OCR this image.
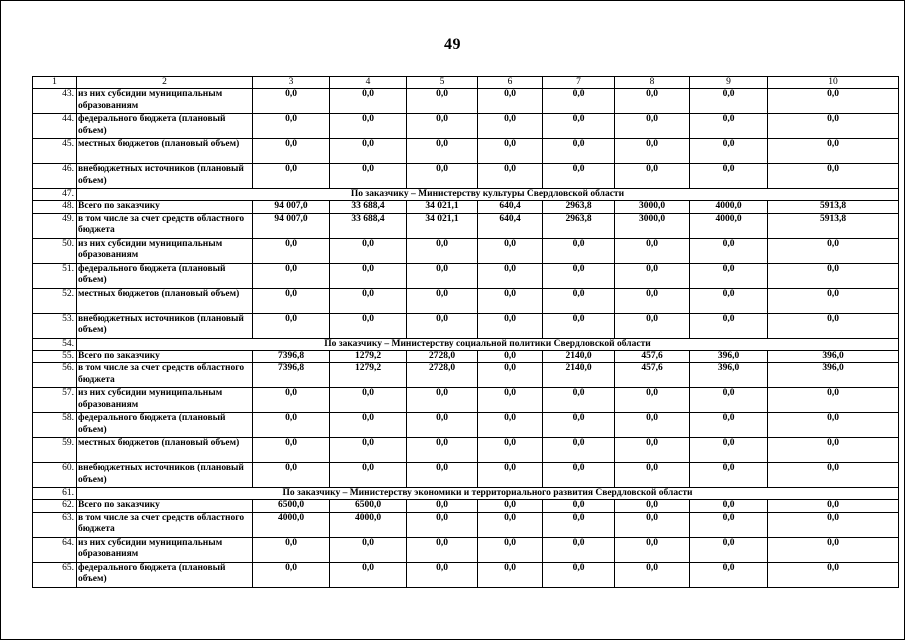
49
1	2	3	4	5	6	7	8	9	10
43.	из них субсидии муниципальным образованиям	0,0	0,0	0,0	0,0	0,0	0,0	0,0	0,0
44.	федерального бюджета (плановый объем)	0,0	0,0	0,0	0,0	0,0	0,0	0,0	0,0
45.	местных бюджетов (плановый объем)	0,0	0,0	0,0	0,0	0,0	0,0	0,0	0,0
46.	внебюджетных источников (плановый объем)	0,0	0,0	0,0	0,0	0,0	0,0	0,0	0,0
47.	По заказчику – Министерству культуры Свердловской области								
48.	Всего по заказчику	94 007,0	33 688,4	34 021,1	640,4	2963,8	3000,0	4000,0	5913,8
49.	в том числе за счет средств областного бюджета	94 007,0	33 688,4	34 021,1	640,4	2963,8	3000,0	4000,0	5913,8
50.	из них субсидии муниципальным образованиям	0,0	0,0	0,0	0,0	0,0	0,0	0,0	0,0
51.	федерального бюджета (плановый объем)	0,0	0,0	0,0	0,0	0,0	0,0	0,0	0,0
52.	местных бюджетов (плановый объем)	0,0	0,0	0,0	0,0	0,0	0,0	0,0	0,0
53.	внебюджетных источников (плановый объем)	0,0	0,0	0,0	0,0	0,0	0,0	0,0	0,0
54.	По заказчику – Министерству социальной политики Свердловской области								
55.	Всего по заказчику	7396,8	1279,2	2728,0	0,0	2140,0	457,6	396,0	396,0
56.	в том числе за счет средств областного бюджета	7396,8	1279,2	2728,0	0,0	2140,0	457,6	396,0	396,0
57.	из них субсидии муниципальным образованиям	0,0	0,0	0,0	0,0	0,0	0,0	0,0	0,0
58.	федерального бюджета (плановый объем)	0,0	0,0	0,0	0,0	0,0	0,0	0,0	0,0
59.	местных бюджетов (плановый объем)	0,0	0,0	0,0	0,0	0,0	0,0	0,0	0,0
60.	внебюджетных источников (плановый объем)	0,0	0,0	0,0	0,0	0,0	0,0	0,0	0,0
61.	По заказчику – Министерству экономики и территориального развития Свердловской области								
62.	Всего по заказчику	6500,0	6500,0	0,0	0,0	0,0	0,0	0,0	0,0
63.	в том числе за счет средств областного бюджета	4000,0	4000,0	0,0	0,0	0,0	0,0	0,0	0,0
64.	из них субсидии муниципальным образованиям	0,0	0,0	0,0	0,0	0,0	0,0	0,0	0,0
65.	федерального бюджета (плановый объем)	0,0	0,0	0,0	0,0	0,0	0,0	0,0	0,0
